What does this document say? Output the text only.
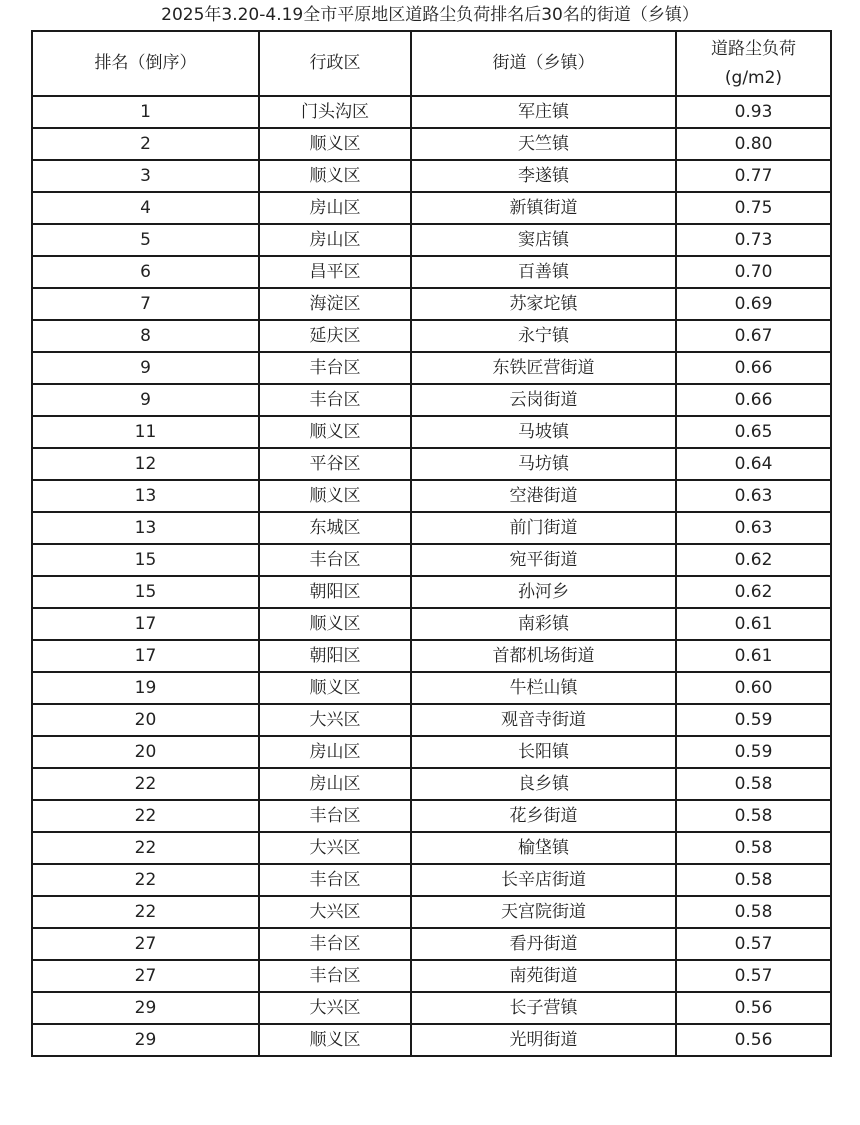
2025年3.20-4.19全市平原地区道路尘负荷排名后30名的街道（乡镇）
排名（倒序）	行政区	街道（乡镇）	道路尘负荷
(g/m2)

1	门头沟区	军庄镇	0.93
2	顺义区	天竺镇	0.80
3	顺义区	李遂镇	0.77
4	房山区	新镇街道	0.75
5	房山区	窦店镇	0.73
6	昌平区	百善镇	0.70
7	海淀区	苏家坨镇	0.69
8	延庆区	永宁镇	0.67
9	丰台区	东铁匠营街道	0.66
9	丰台区	云岗街道	0.66
11	顺义区	马坡镇	0.65
12	平谷区	马坊镇	0.64
13	顺义区	空港街道	0.63
13	东城区	前门街道	0.63
15	丰台区	宛平街道	0.62
15	朝阳区	孙河乡	0.62
17	顺义区	南彩镇	0.61
17	朝阳区	首都机场街道	0.61
19	顺义区	牛栏山镇	0.60
20	大兴区	观音寺街道	0.59
20	房山区	长阳镇	0.59
22	房山区	良乡镇	0.58
22	丰台区	花乡街道	0.58
22	大兴区	榆垡镇	0.58
22	丰台区	长辛店街道	0.58
22	大兴区	天宫院街道	0.58
27	丰台区	看丹街道	0.57
27	丰台区	南苑街道	0.57
29	大兴区	长子营镇	0.56
29	顺义区	光明街道	0.56
